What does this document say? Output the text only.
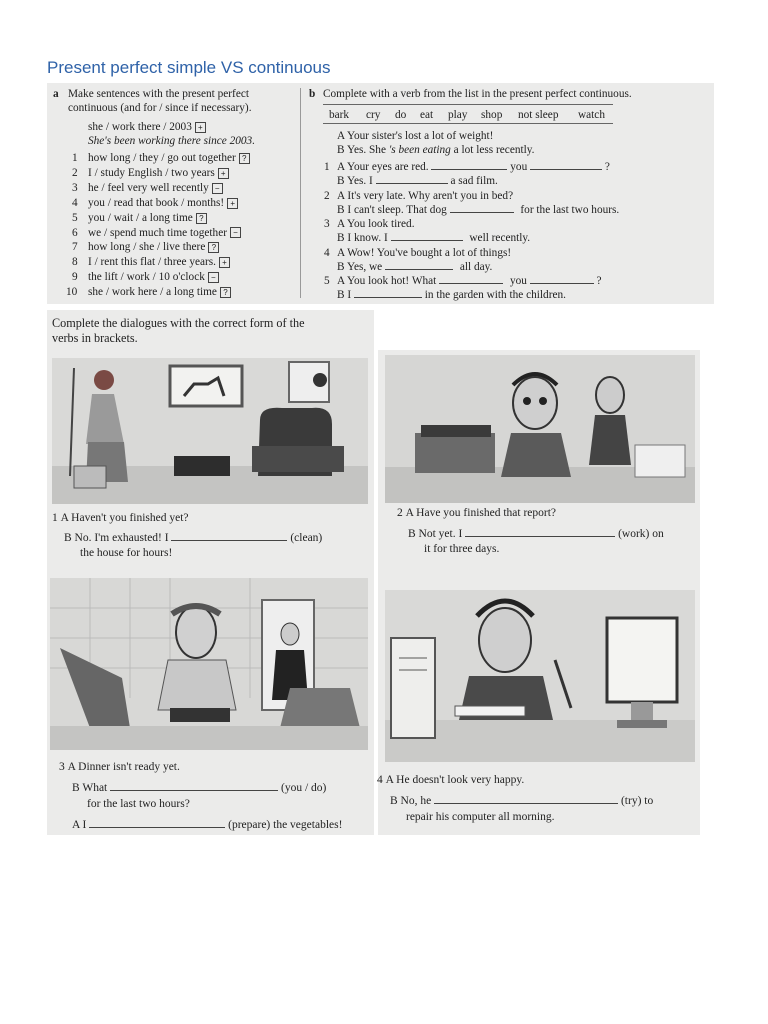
Present perfect simple VS continuous
a Make sentences with the present perfect
continuous (and for / since if necessary).
she / work there / 2003 +
She's been working there since 2003.
1 how long / they / go out together ?
2 I / study English / two years +
3 he / feel very well recently −
4 you / read that book / months! +
5 you / wait / a long time ?
6 we / spend much time together −
7 how long / she / live there ?
8 I / rent this flat / three years. +
9 the lift / work / 10 o'clock −
10 she / work here / a long time ?
b Complete with a verb from the list in the present perfect continuous.
bark cry do eat play shop not sleep watch
A Your sister's lost a lot of weight!
B Yes. She 's been eating a lot less recently.
1 A Your eyes are red.	you	?
B Yes. I	a sad film.
2 A It's very late. Why aren't you in bed?
B I can't sleep. That dog	for the last two hours.
3 A You look tired.
B I know. I	well recently.
4 A Wow! You've bought a lot of things!
B Yes, we	all day.
5 A You look hot! What	you	?
B I	in the garden with the children.
Complete the dialogues with the correct form of the
verbs in brackets.
1 A Haven't you finished yet?
B No. I'm exhausted! I	(clean)
the house for hours!
2 A Have you finished that report?
B Not yet. I	(work) on
it for three days.
3 A Dinner isn't ready yet.
B What	(you / do)
for the last two hours?
A I	(prepare) the vegetables!
4 A He doesn't look very happy.
B No, he	(try) to
repair his computer all morning.
